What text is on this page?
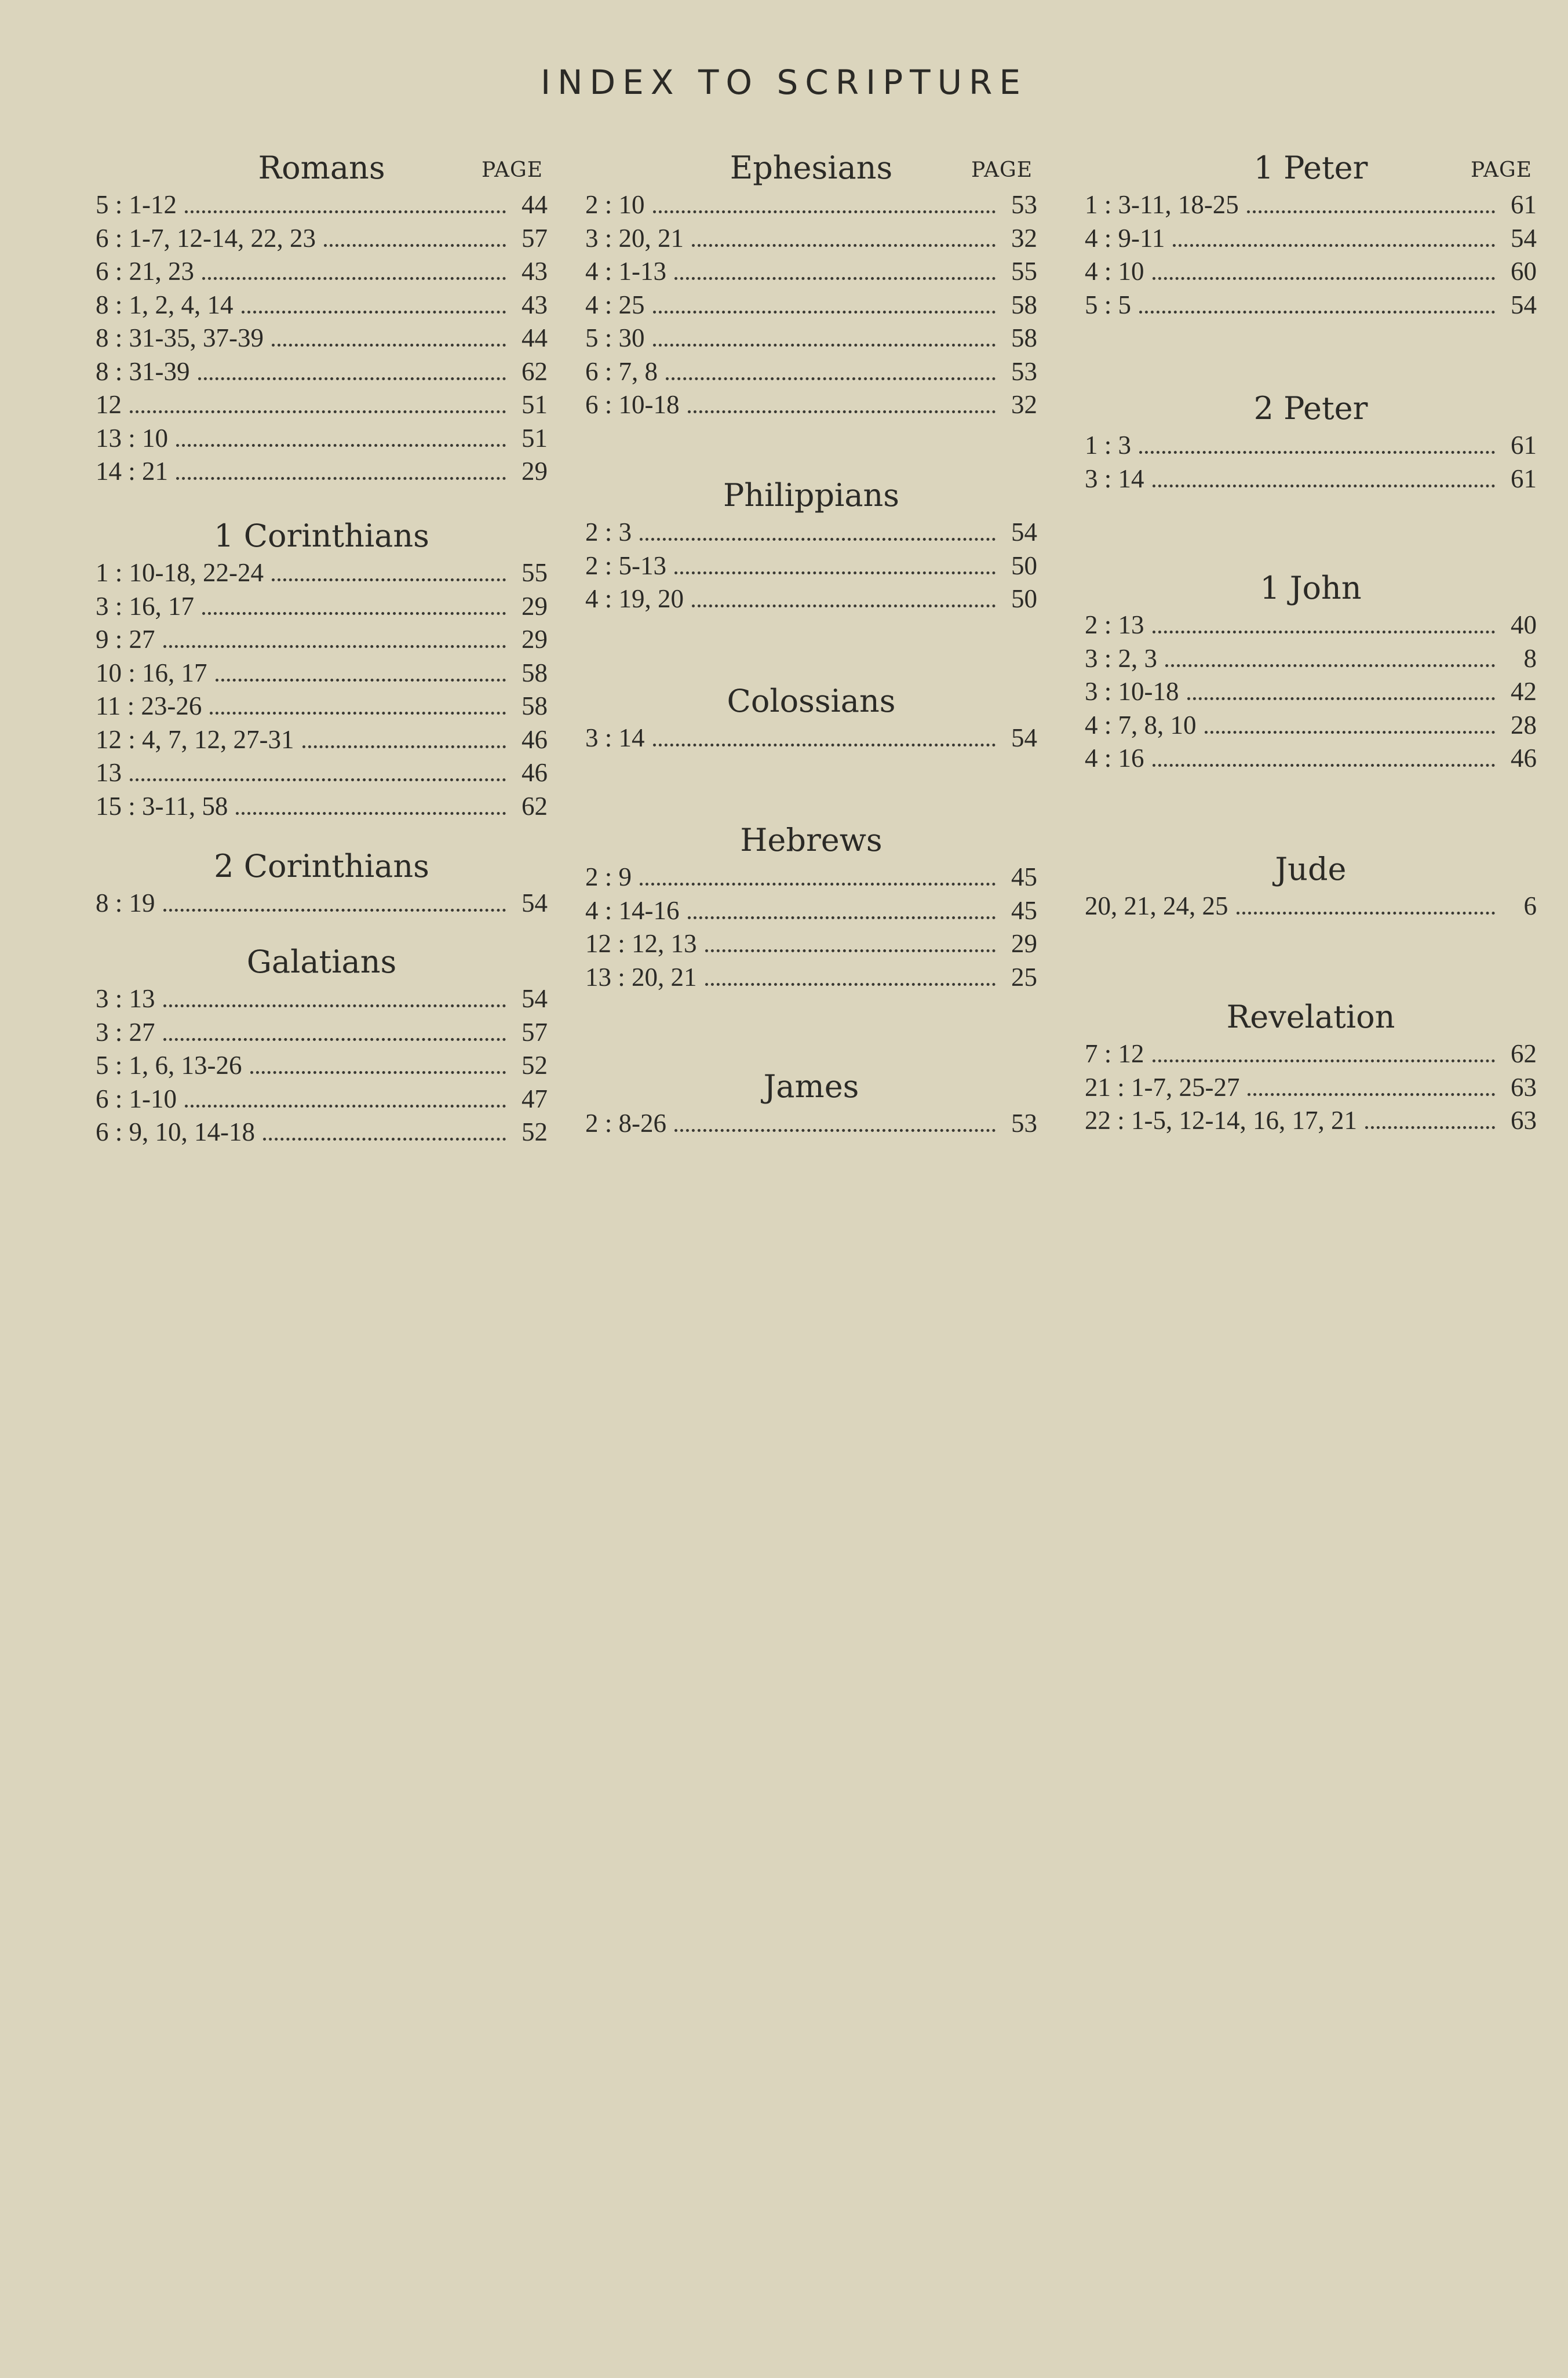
INDEX TO SCRIPTURE
Romans	PAGE
5 : 1-12	44
6 : 1-7, 12-14, 22, 23	57
6 : 21, 23	43
8 : 1, 2, 4, 14	43
8 : 31-35, 37-39	44
8 : 31-39	62
12	51
13 : 10	51
14 : 21	29
1 Corinthians
1 : 10-18, 22-24	55
3 : 16, 17	29
9 : 27	29
10 : 16, 17	58
11 : 23-26	58
12 : 4, 7, 12, 27-31	46
13	46
15 : 3-11, 58	62
2 Corinthians
8 : 19	54
Galatians
3 : 13	54
3 : 27	57
5 : 1, 6, 13-26	52
6 : 1-10	47
6 : 9, 10, 14-18	52
Ephesians	PAGE
2 : 10	53
3 : 20, 21	32
4 : 1-13	55
4 : 25	58
5 : 30	58
6 : 7, 8	53
6 : 10-18	32
Philippians
2 : 3	54
2 : 5-13	50
4 : 19, 20	50
Colossians
3 : 14	54
Hebrews
2 : 9	45
4 : 14-16	45
12 : 12, 13	29
13 : 20, 21	25
James
2 : 8-26	53
1 Peter	PAGE
1 : 3-11, 18-25	61
4 : 9-11	54
4 : 10	60
5 : 5	54
2 Peter
1 : 3	61
3 : 14	61
1 John
2 : 13	40
3 : 2, 3	8
3 : 10-18	42
4 : 7, 8, 10	28
4 : 16	46
Jude
20, 21, 24, 25	6
Revelation
7 : 12	62
21 : 1-7, 25-27	63
22 : 1-5, 12-14, 16, 17, 21	63
